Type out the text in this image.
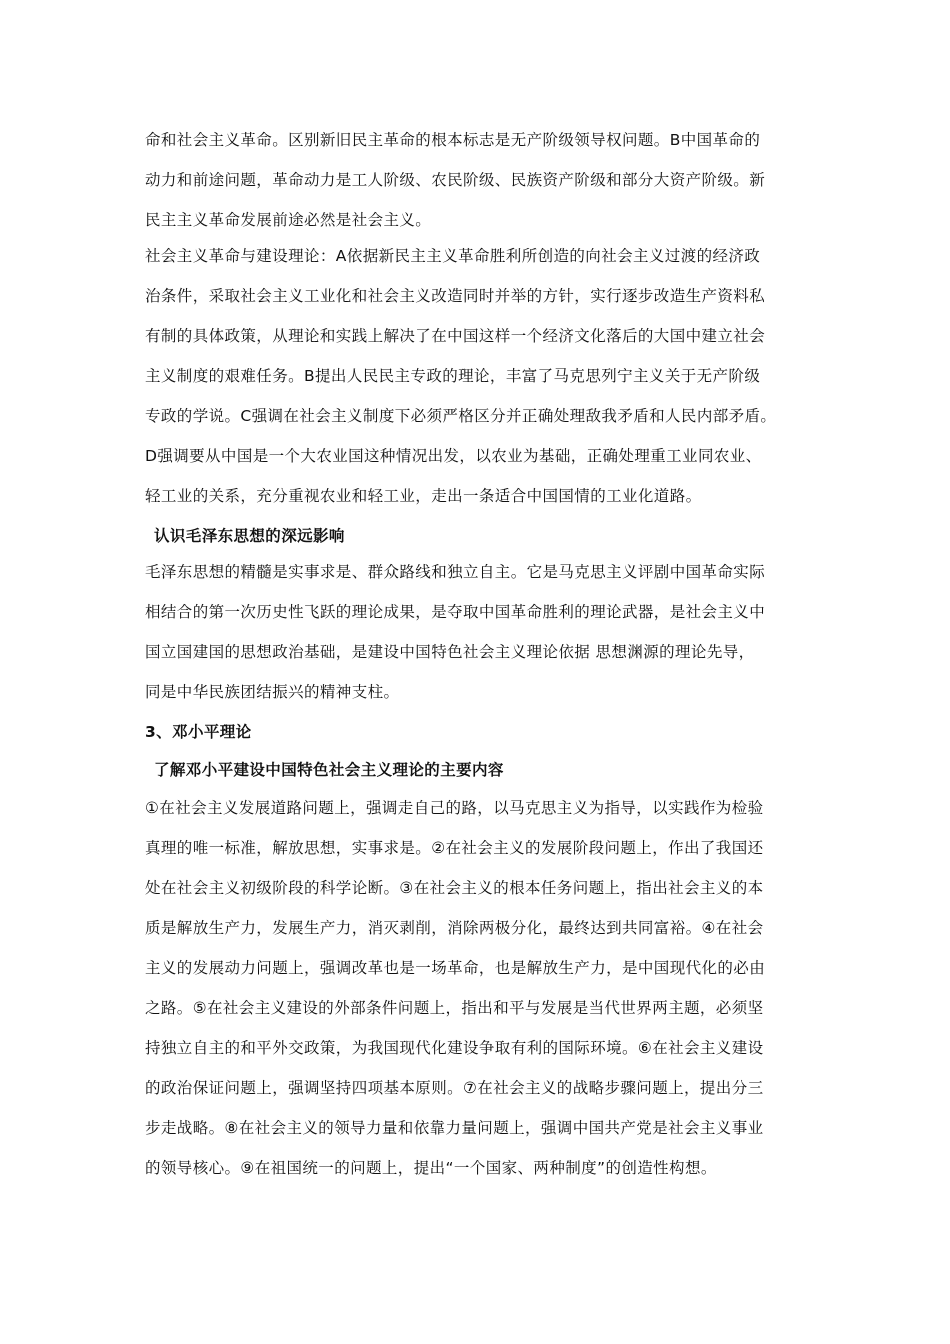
命和社会主义革命。区别新旧民主革命的根本标志是无产阶级领导权问题。B中国革命的
动力和前途问题，革命动力是工人阶级、农民阶级、民族资产阶级和部分大资产阶级。新
民主主义革命发展前途必然是社会主义。
社会主义革命与建设理论：A依据新民主主义革命胜利所创造的向社会主义过渡的经济政
治条件，采取社会主义工业化和社会主义改造同时并举的方针，实行逐步改造生产资料私
有制的具体政策，从理论和实践上解决了在中国这样一个经济文化落后的大国中建立社会
主义制度的艰难任务。B提出人民民主专政的理论，丰富了马克思列宁主义关于无产阶级
专政的学说。C强调在社会主义制度下必须严格区分并正确处理敌我矛盾和人民内部矛盾。
D强调要从中国是一个大农业国这种情况出发，以农业为基础，正确处理重工业同农业、
轻工业的关系，充分重视农业和轻工业，走出一条适合中国国情的工业化道路。
认识毛泽东思想的深远影响
毛泽东思想的精髓是实事求是、群众路线和独立自主。它是马克思主义评剧中国革命实际
相结合的第一次历史性飞跃的理论成果，是夺取中国革命胜利的理论武器，是社会主义中
国立国建国的思想政治基础，是建设中国特色社会主义理论依据 思想渊源的理论先导，
同是中华民族团结振兴的精神支柱。
3、邓小平理论
了解邓小平建设中国特色社会主义理论的主要内容
①在社会主义发展道路问题上，强调走自己的路，以马克思主义为指导，以实践作为检验
真理的唯一标准，解放思想，实事求是。②在社会主义的发展阶段问题上，作出了我国还
处在社会主义初级阶段的科学论断。③在社会主义的根本任务问题上，指出社会主义的本
质是解放生产力，发展生产力，消灭剥削，消除两极分化，最终达到共同富裕。④在社会
主义的发展动力问题上，强调改革也是一场革命，也是解放生产力，是中国现代化的必由
之路。⑤在社会主义建设的外部条件问题上，指出和平与发展是当代世界两主题，必须坚
持独立自主的和平外交政策，为我国现代化建设争取有利的国际环境。⑥在社会主义建设
的政治保证问题上，强调坚持四项基本原则。⑦在社会主义的战略步骤问题上，提出分三
步走战略。⑧在社会主义的领导力量和依靠力量问题上，强调中国共产党是社会主义事业
的领导核心。⑨在祖国统一的问题上，提出“一个国家、两种制度”的创造性构想。
